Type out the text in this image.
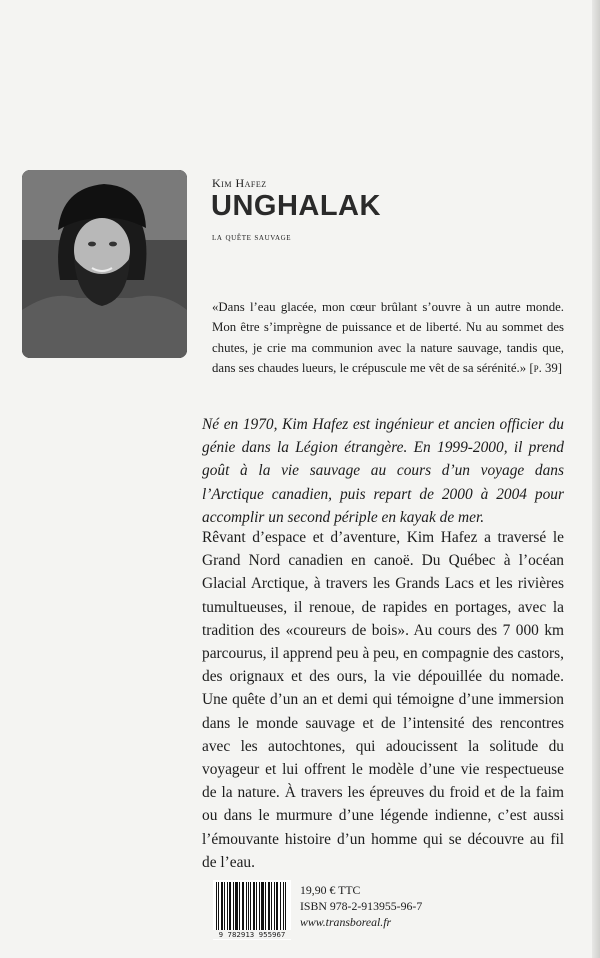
Kim Hafez
UNGHALAK
la quête sauvage
«Dans l’eau glacée, mon cœur brûlant s’ouvre à un autre monde. Mon être s’imprègne de puissance et de liberté. Nu au sommet des chutes, je crie ma communion avec la nature sauvage, tandis que, dans ses chaudes lueurs, le crépuscule me vêt de sa sérénité.» [p. 39]

Né en 1970, Kim Hafez est ingénieur et ancien officier du génie dans la Légion étrangère. En 1999-2000, il prend goût à la vie sauvage au cours d’un voyage dans l’Arctique canadien, puis repart de 2000 à 2004 pour accomplir un second périple en kayak de mer.

Rêvant d’espace et d’aventure, Kim Hafez a traversé le Grand Nord canadien en canoë. Du Québec à l’océan Glacial Arctique, à travers les Grands Lacs et les rivières tumultueuses, il renoue, de rapides en portages, avec la tradition des «coureurs de bois». Au cours des 7 000 km parcourus, il apprend peu à peu, en compagnie des castors, des orignaux et des ours, la vie dépouillée du nomade. Une quête d’un an et demi qui témoigne d’une immersion dans le monde sauvage et de l’intensité des rencontres avec les autochtones, qui adoucissent la solitude du voyageur et lui offrent le modèle d’une vie respectueuse de la nature. À travers les épreuves du froid et de la faim ou dans le murmure d’une légende indienne, c’est aussi l’émouvante histoire d’un homme qui se découvre au fil de l’eau.

9 782913 955967
19,90 € TTC
ISBN 978-2-913955-96-7
www.transboreal.fr
